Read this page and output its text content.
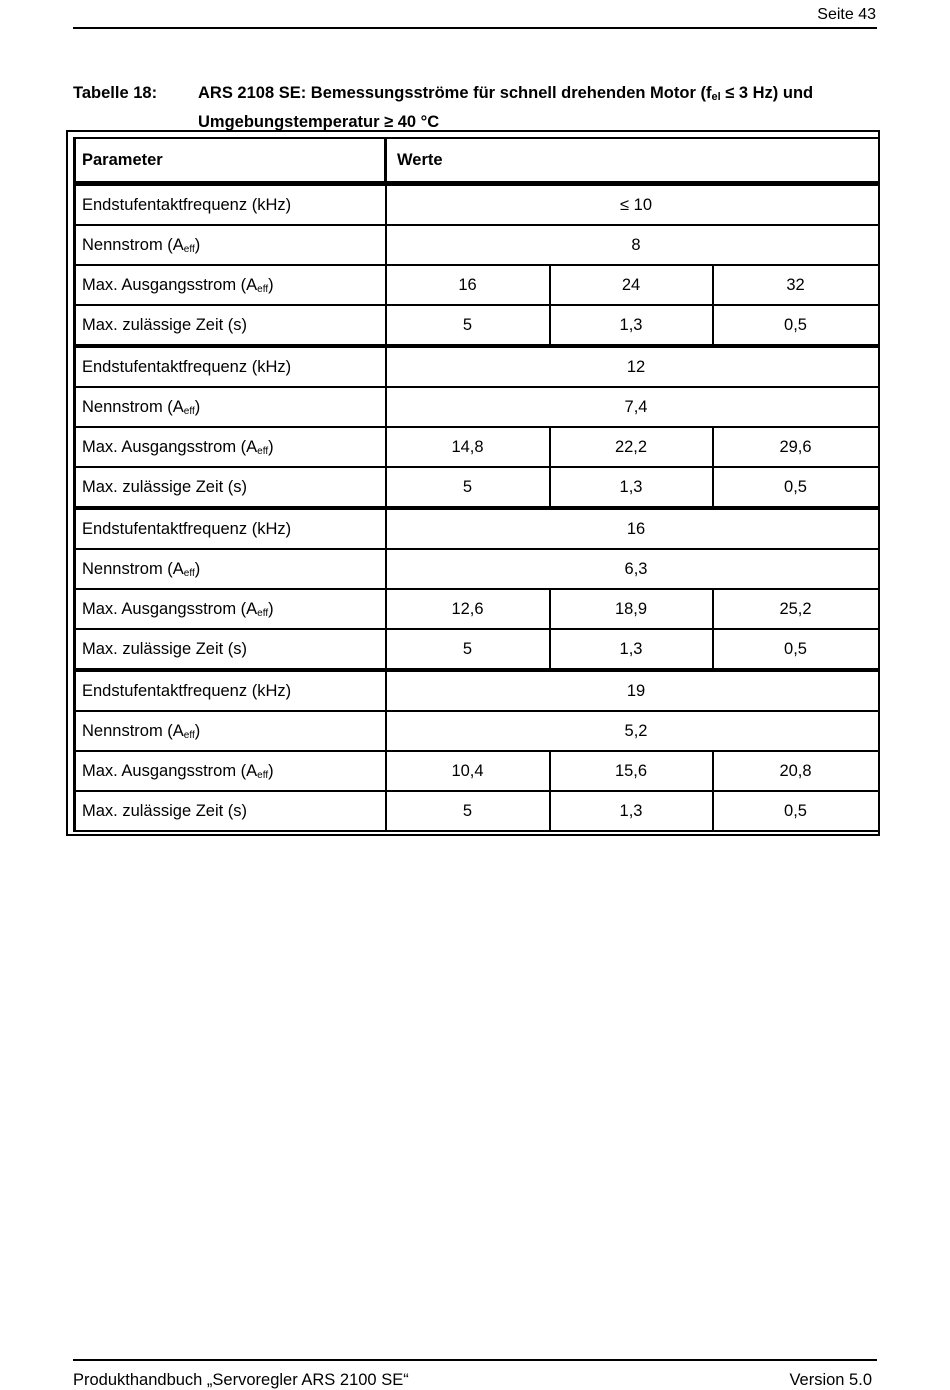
Seite 43
Tabelle 18: ARS 2108 SE: Bemessungsströme für schnell drehenden Motor (fel ≤ 3 Hz) und Umgebungstemperatur ≥ 40 °C
Parameter	Werte		
Endstufentaktfrequenz (kHz)	≤ 10		
Nennstrom (Aeff)	8		
Max. Ausgangsstrom (Aeff)	16	24	32
Max. zulässige Zeit (s)	5	1,3	0,5
Endstufentaktfrequenz (kHz)	12		
Nennstrom (Aeff)	7,4		
Max. Ausgangsstrom (Aeff)	14,8	22,2	29,6
Max. zulässige Zeit (s)	5	1,3	0,5
Endstufentaktfrequenz (kHz)	16		
Nennstrom (Aeff)	6,3		
Max. Ausgangsstrom (Aeff)	12,6	18,9	25,2
Max. zulässige Zeit (s)	5	1,3	0,5
Endstufentaktfrequenz (kHz)	19		
Nennstrom (Aeff)	5,2		
Max. Ausgangsstrom (Aeff)	10,4	15,6	20,8
Max. zulässige Zeit (s)	5	1,3	0,5
Produkthandbuch „Servoregler ARS 2100 SE“	Version 5.0
